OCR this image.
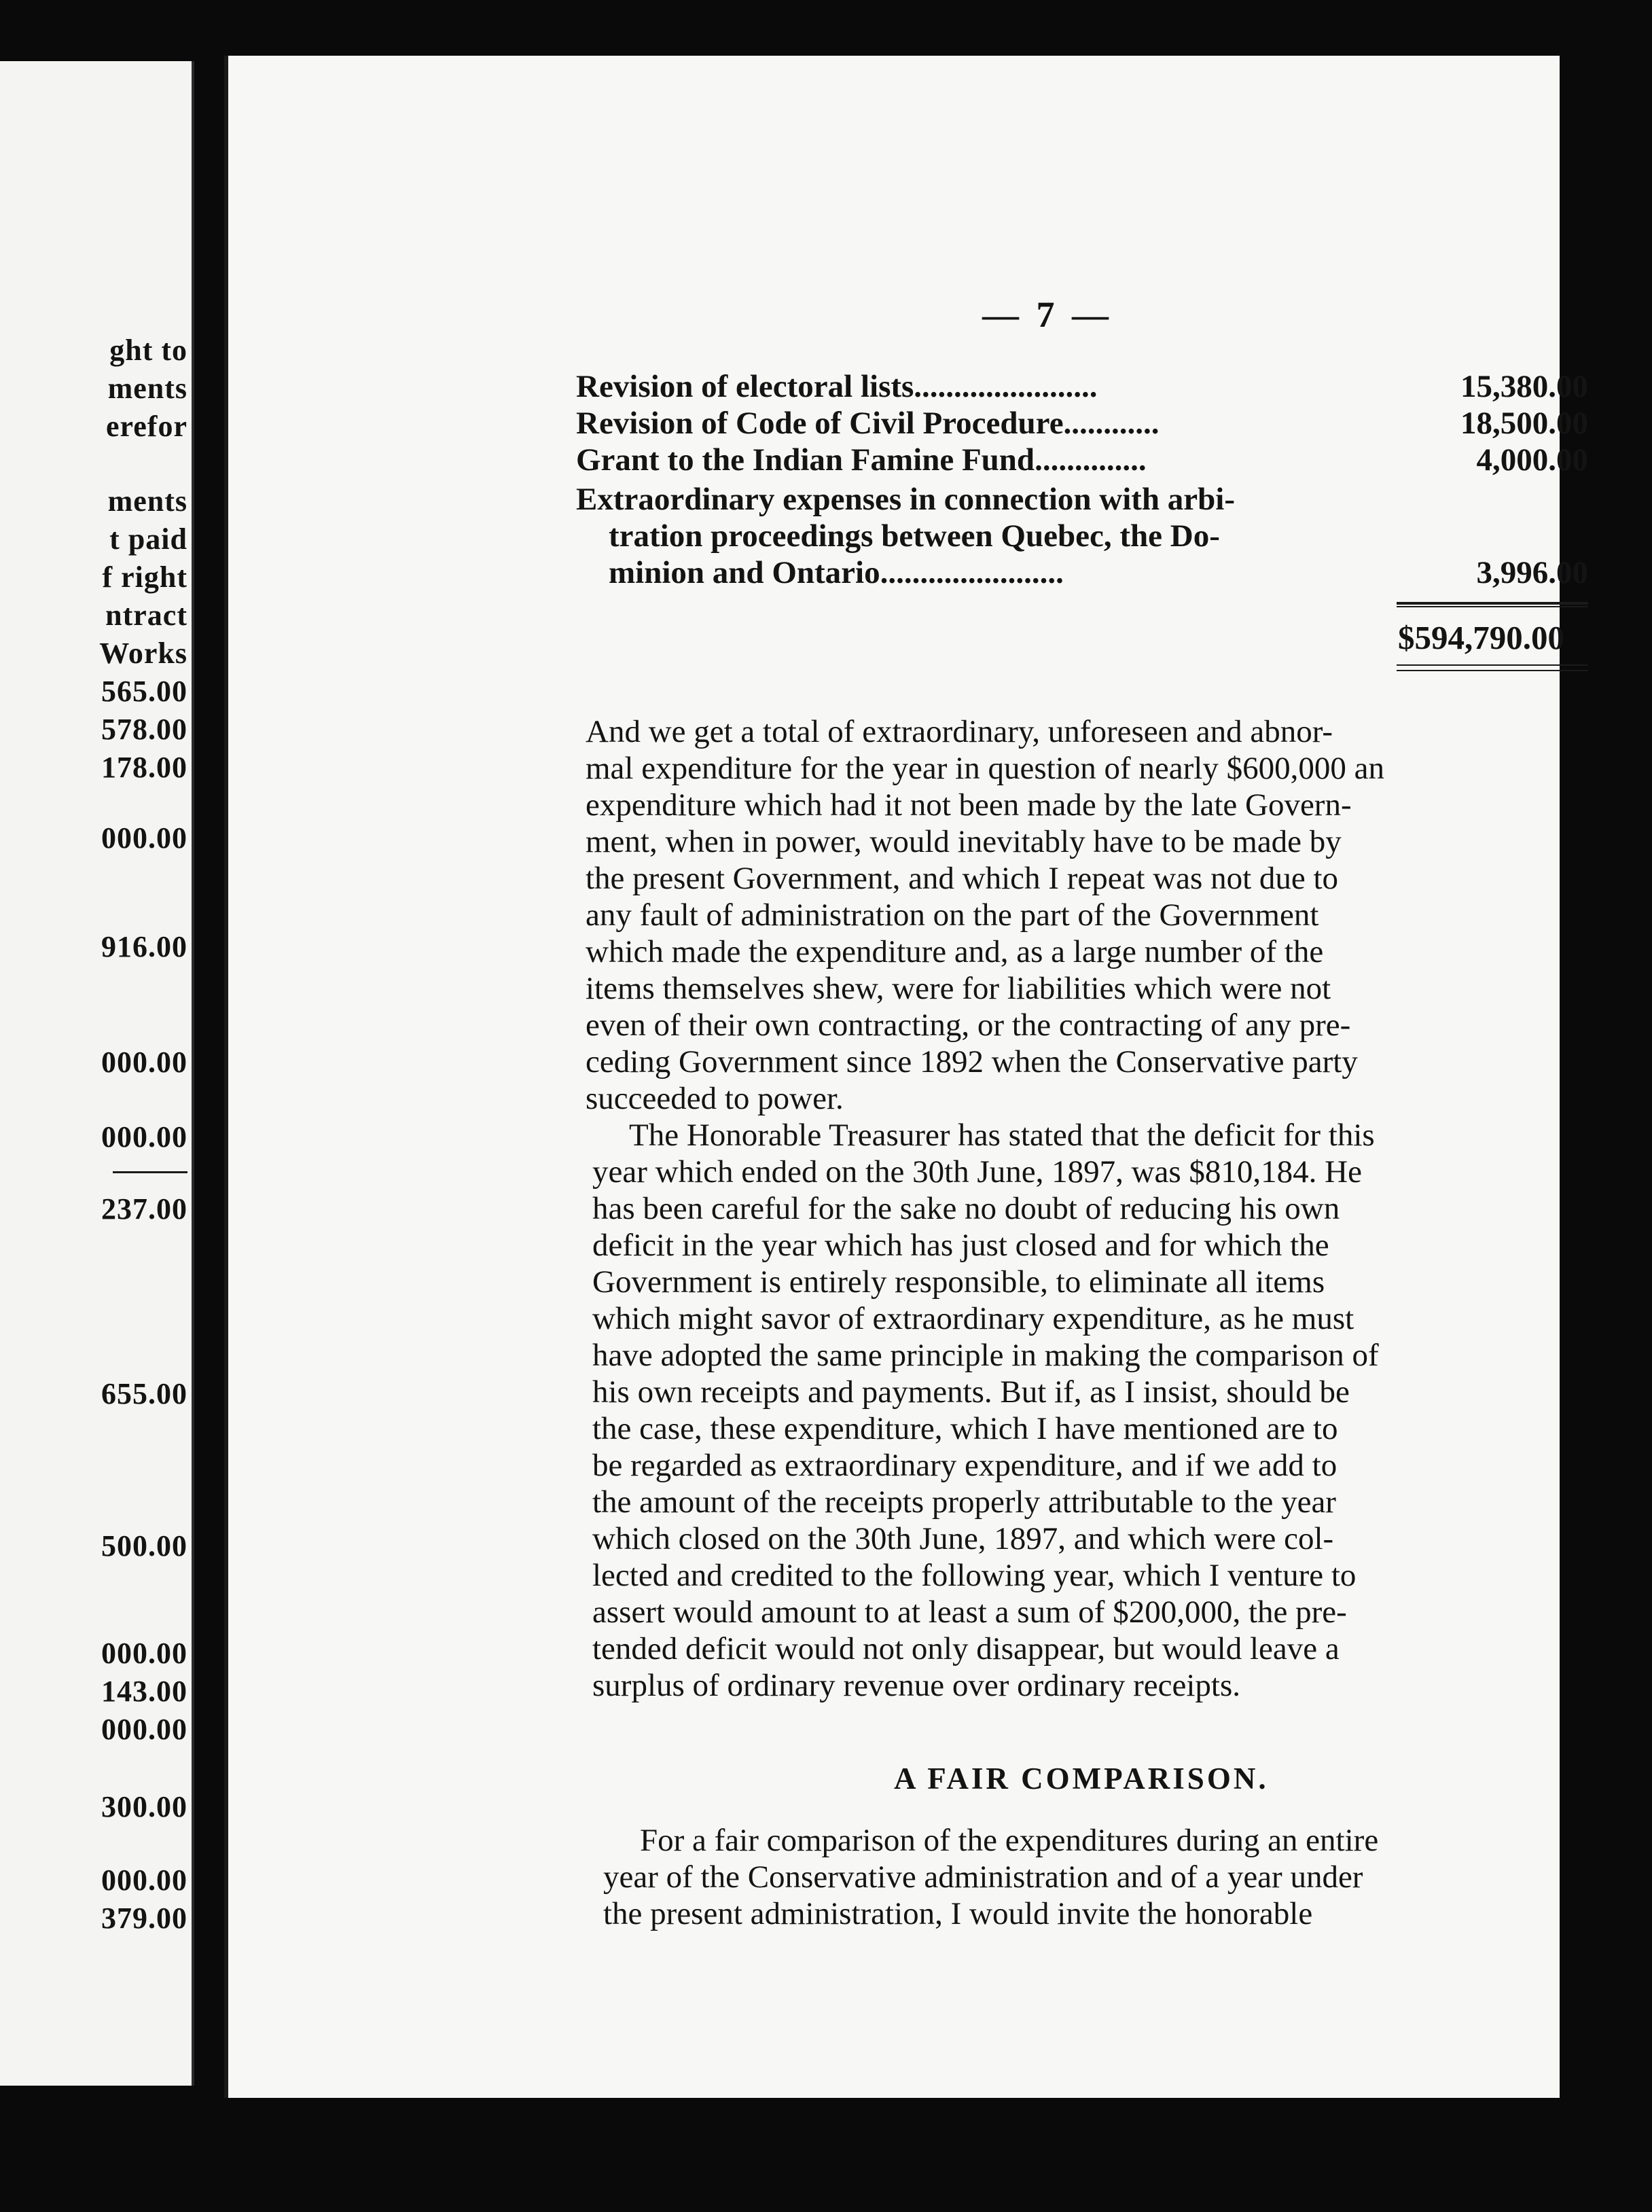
ght to
ments
erefor
ments
t paid
f right
ntract
Works
565.00
578.00
178.00
000.00
916.00
000.00
000.00
237.00
655.00
500.00
000.00
143.00
000.00
300.00
000.00
379.00
— 7 —
Revision of electoral lists.......................	15,380.00
Revision of Code of Civil Procedure............	18,500.00
Grant to the Indian Famine Fund..............	4,000.00
Extraordinary expenses in connection with arbi-
tration proceedings between Quebec, the Do-
minion and Ontario.......................	3,996.00
$594,790.00
And we get a total of extraordinary, unforeseen and abnor-
mal expenditure for the year in question of nearly $600,000 an
expenditure which had it not been made by the late Govern-
ment, when in power, would inevitably have to be made by
the present Government, and which I repeat was not due to
any fault of administration on the part of the Government
which made the expenditure and, as a large number of the
items themselves shew, were for liabilities which were not
even of their own contracting, or the contracting of any pre-
ceding Government since 1892 when the Conservative party
succeeded to power.
The Honorable Treasurer has stated that the deficit for this
year which ended on the 30th June, 1897, was $810,184. He
has been careful for the sake no doubt of reducing his own
deficit in the year which has just closed and for which the
Government is entirely responsible, to eliminate all items
which might savor of extraordinary expenditure, as he must
have adopted the same principle in making the comparison of
his own receipts and payments. But if, as I insist, should be
the case, these expenditure, which I have mentioned are to
be regarded as extraordinary expenditure, and if we add to
the amount of the receipts properly attributable to the year
which closed on the 30th June, 1897, and which were col-
lected and credited to the following year, which I venture to
assert would amount to at least a sum of $200,000, the pre-
tended deficit would not only disappear, but would leave a
surplus of ordinary revenue over ordinary receipts.
A FAIR COMPARISON.
For a fair comparison of the expenditures during an entire
year of the Conservative administration and of a year under
the present administration, I would invite the honorable
